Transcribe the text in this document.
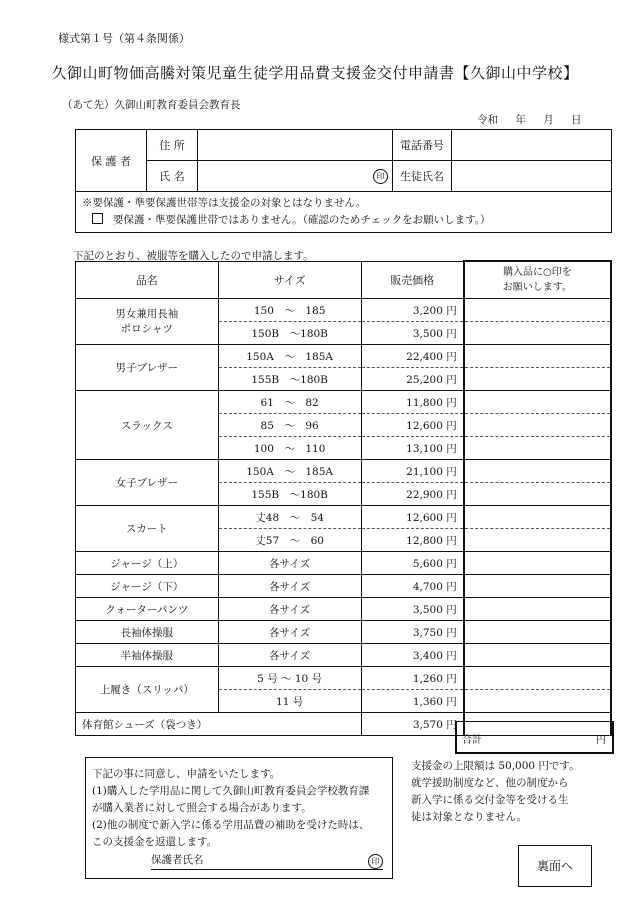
様式第１号（第４条関係）
久御山町物価高騰対策児童生徒学用品費支援金交付申請書【久御山中学校】
（あて先）久御山町教育委員会教育長
令和 年 月 日
保 護 者	住 所		電話番号	
	氏 名	印	生徒氏名	

※要保護・準要保護世帯等は支援金の対象とはなりません。
要保護・準要保護世帯ではありません。（確認のためチェックをお願いします。）				
下記のとおり、被服等を購入したので申請します。
品名	サイズ	販売価格	購入品に○印を
お願いします。

男女兼用長袖
ポロシャツ	150　～　185	3,200 円	
	150B　～180B	3,500 円	
男子ブレザー	150A　～　185A	22,400 円	
	155B　～180B	25,200 円	
スラックス	61　～　82	11,800 円	
	85　～　96	12,600 円	
	100　～　110	13,100 円	
女子ブレザー	150A　～　185A	21,100 円	
	155B　～180B	22,900 円	
スカート	丈48　～　54	12,600 円	
	丈57　～　60	12,800 円	
ジャージ（上）	各サイズ	5,600 円	
ジャージ（下）	各サイズ	4,700 円	
クォーターパンツ	各サイズ	3,500 円	
長袖体操服	各サイズ	3,750 円	
半袖体操服	各サイズ	3,400 円	
上履き（スリッパ）	5 号 ～ 10 号	1,260 円	
	11 号	1,360 円	
体育館シューズ（袋つき）		3,570 円	
合計	円
下記の事に同意し、申請をいたします。
(1)購入した学用品に関して久御山町教育委員会学校教育課
が購入業者に対して照会する場合があります。
(2)他の制度で新入学に係る学用品費の補助を受けた時は、
この支援金を返還します。
保護者氏名	印
支援金の上限額は 50,000 円です。
就学援助制度など、他の制度から
新入学に係る交付金等を受ける生
徒は対象となりません。
裏面へ
